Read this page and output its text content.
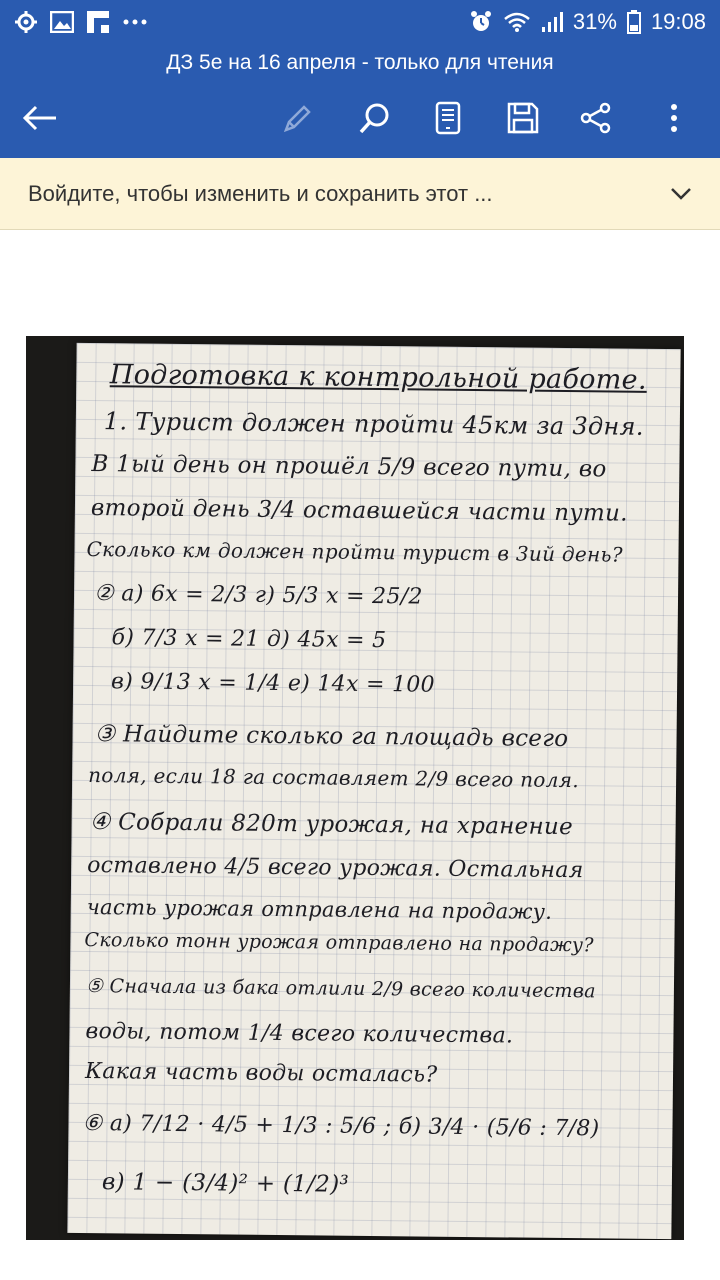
31% 19:08
ДЗ 5е на 16 апреля - только для чтения
Войдите, чтобы изменить и сохранить этот ...
Подготовка к контрольной работе.
1. Турист должен пройти 45км за 3дня.
В 1ый день он прошёл 5/9 всего пути, во
второй день 3/4 оставшейся части пути.
Сколько км должен пройти турист в 3ий день?
② а) 6x = 2/3 г) 5/3 x = 25/2
б) 7/3 x = 21 д) 45x = 5
в) 9/13 x = 1/4 е) 14x = 100
③ Найдите сколько га площадь всего
поля, если 18 га составляет 2/9 всего поля.
④ Собрали 820т урожая, на хранение
оставлено 4/5 всего урожая. Остальная
часть урожая отправлена на продажу.
Сколько тонн урожая отправлено на продажу?
⑤ Сначала из бака отлили 2/9 всего количества
воды, потом 1/4 всего количества.
Какая часть воды осталась?
⑥ а) 7/12 · 4/5 + 1/3 : 5/6 ; б) 3/4 · (5/6 : 7/8)
в) 1 − (3/4)² + (1/2)³
